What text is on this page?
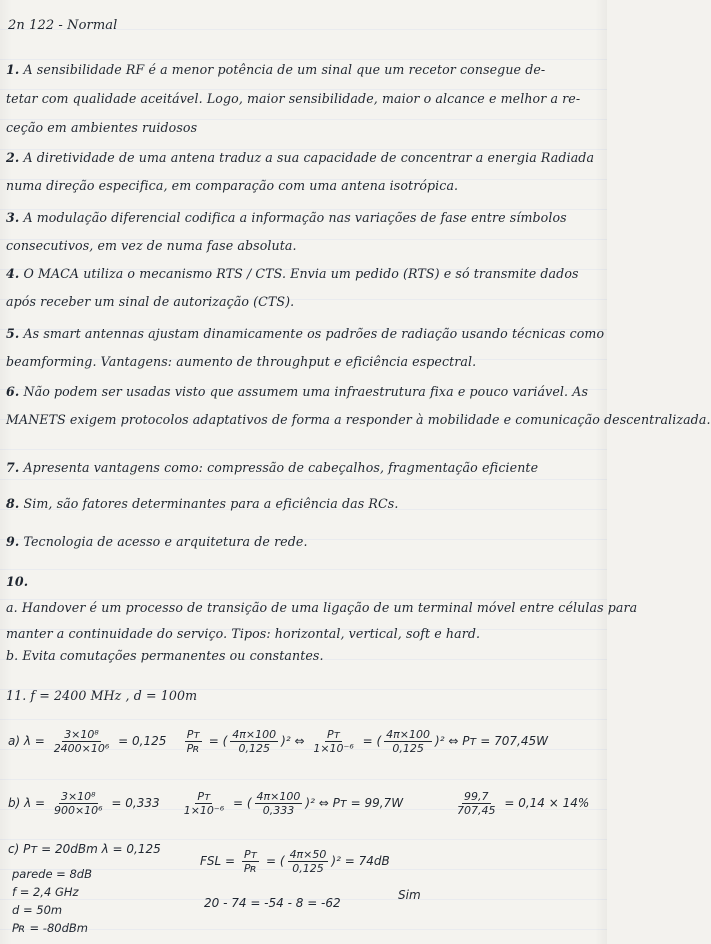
2n 122 - Normal
1. A sensibilidade RF é a menor potência de um sinal que um recetor consegue de-
tetar com qualidade aceitável. Logo, maior sensibilidade, maior o alcance e melhor a re-
ceção em ambientes ruidosos
2. A diretividade de uma antena traduz a sua capacidade de concentrar a energia Radiada
numa direção especifica, em comparação com uma antena isotrópica.
3. A modulação diferencial codifica a informação nas variações de fase entre símbolos
consecutivos, em vez de numa fase absoluta.
4. O MACA utiliza o mecanismo RTS / CTS. Envia um pedido (RTS) e só transmite dados
após receber um sinal de autorização (CTS).
5. As smart antennas ajustam dinamicamente os padrões de radiação usando técnicas como
beamforming. Vantagens: aumento de throughput e eficiência espectral.
6. Não podem ser usadas visto que assumem uma infraestrutura fixa e pouco variável. As
MANETS exigem protocolos adaptativos de forma a responder à mobilidade e comunicação descentralizada.
7. Apresenta vantagens como: compressão de cabeçalhos, fragmentação eficiente
8. Sim, são fatores determinantes para a eficiência das RCs.
9. Tecnologia de acesso e arquitetura de rede.
10.
a. Handover é um processo de transição de uma ligação de um terminal móvel entre células para
manter a continuidade do serviço. Tipos: horizontal, vertical, soft e hard.
b. Evita comutações permanentes ou constantes.
11. f = 2400 MHz , d = 100m
a) $\lambda = \frac{\text{3×10⁸}}{\text{2400×10⁶}} = 0,125 \frac{\text{Pᴛ}}{\text{Pʀ}}$ = ( $\frac{4\pi\times 100}{0,125} )^2$ ⇔ $\frac{\text{Pᴛ}}{\text{1×10⁻⁶}}$ = ( $\frac{4\pi\times 100}{0,125} )^2$ ⇔ Pᴛ = 707,45W
b) $\lambda = \frac{\text{3×10⁸}}{\text{900×10⁶}} = 0,333 \frac{\text{Pᴛ}}{\text{1×10⁻⁶}}$ = ( $\frac{4\pi\times 100}{0,333} )^2$ ⇔ Pᴛ = 99,7W	$\frac{99,7}{707,45} = 0,14 \times 14\%$
c) Pᴛ = 20dBm λ = 0,125
parede = 8dB
f = 2,4 GHz
d = 50m
Pʀ = -80dBm
FSL = $\frac{\text{Pᴛ}}{\text{Pʀ}}$ = ( $\frac{4\pi\times 50}{0,125} )^2 = 74dB$
20 - 74 = -54 - 8 = -62
Sim
